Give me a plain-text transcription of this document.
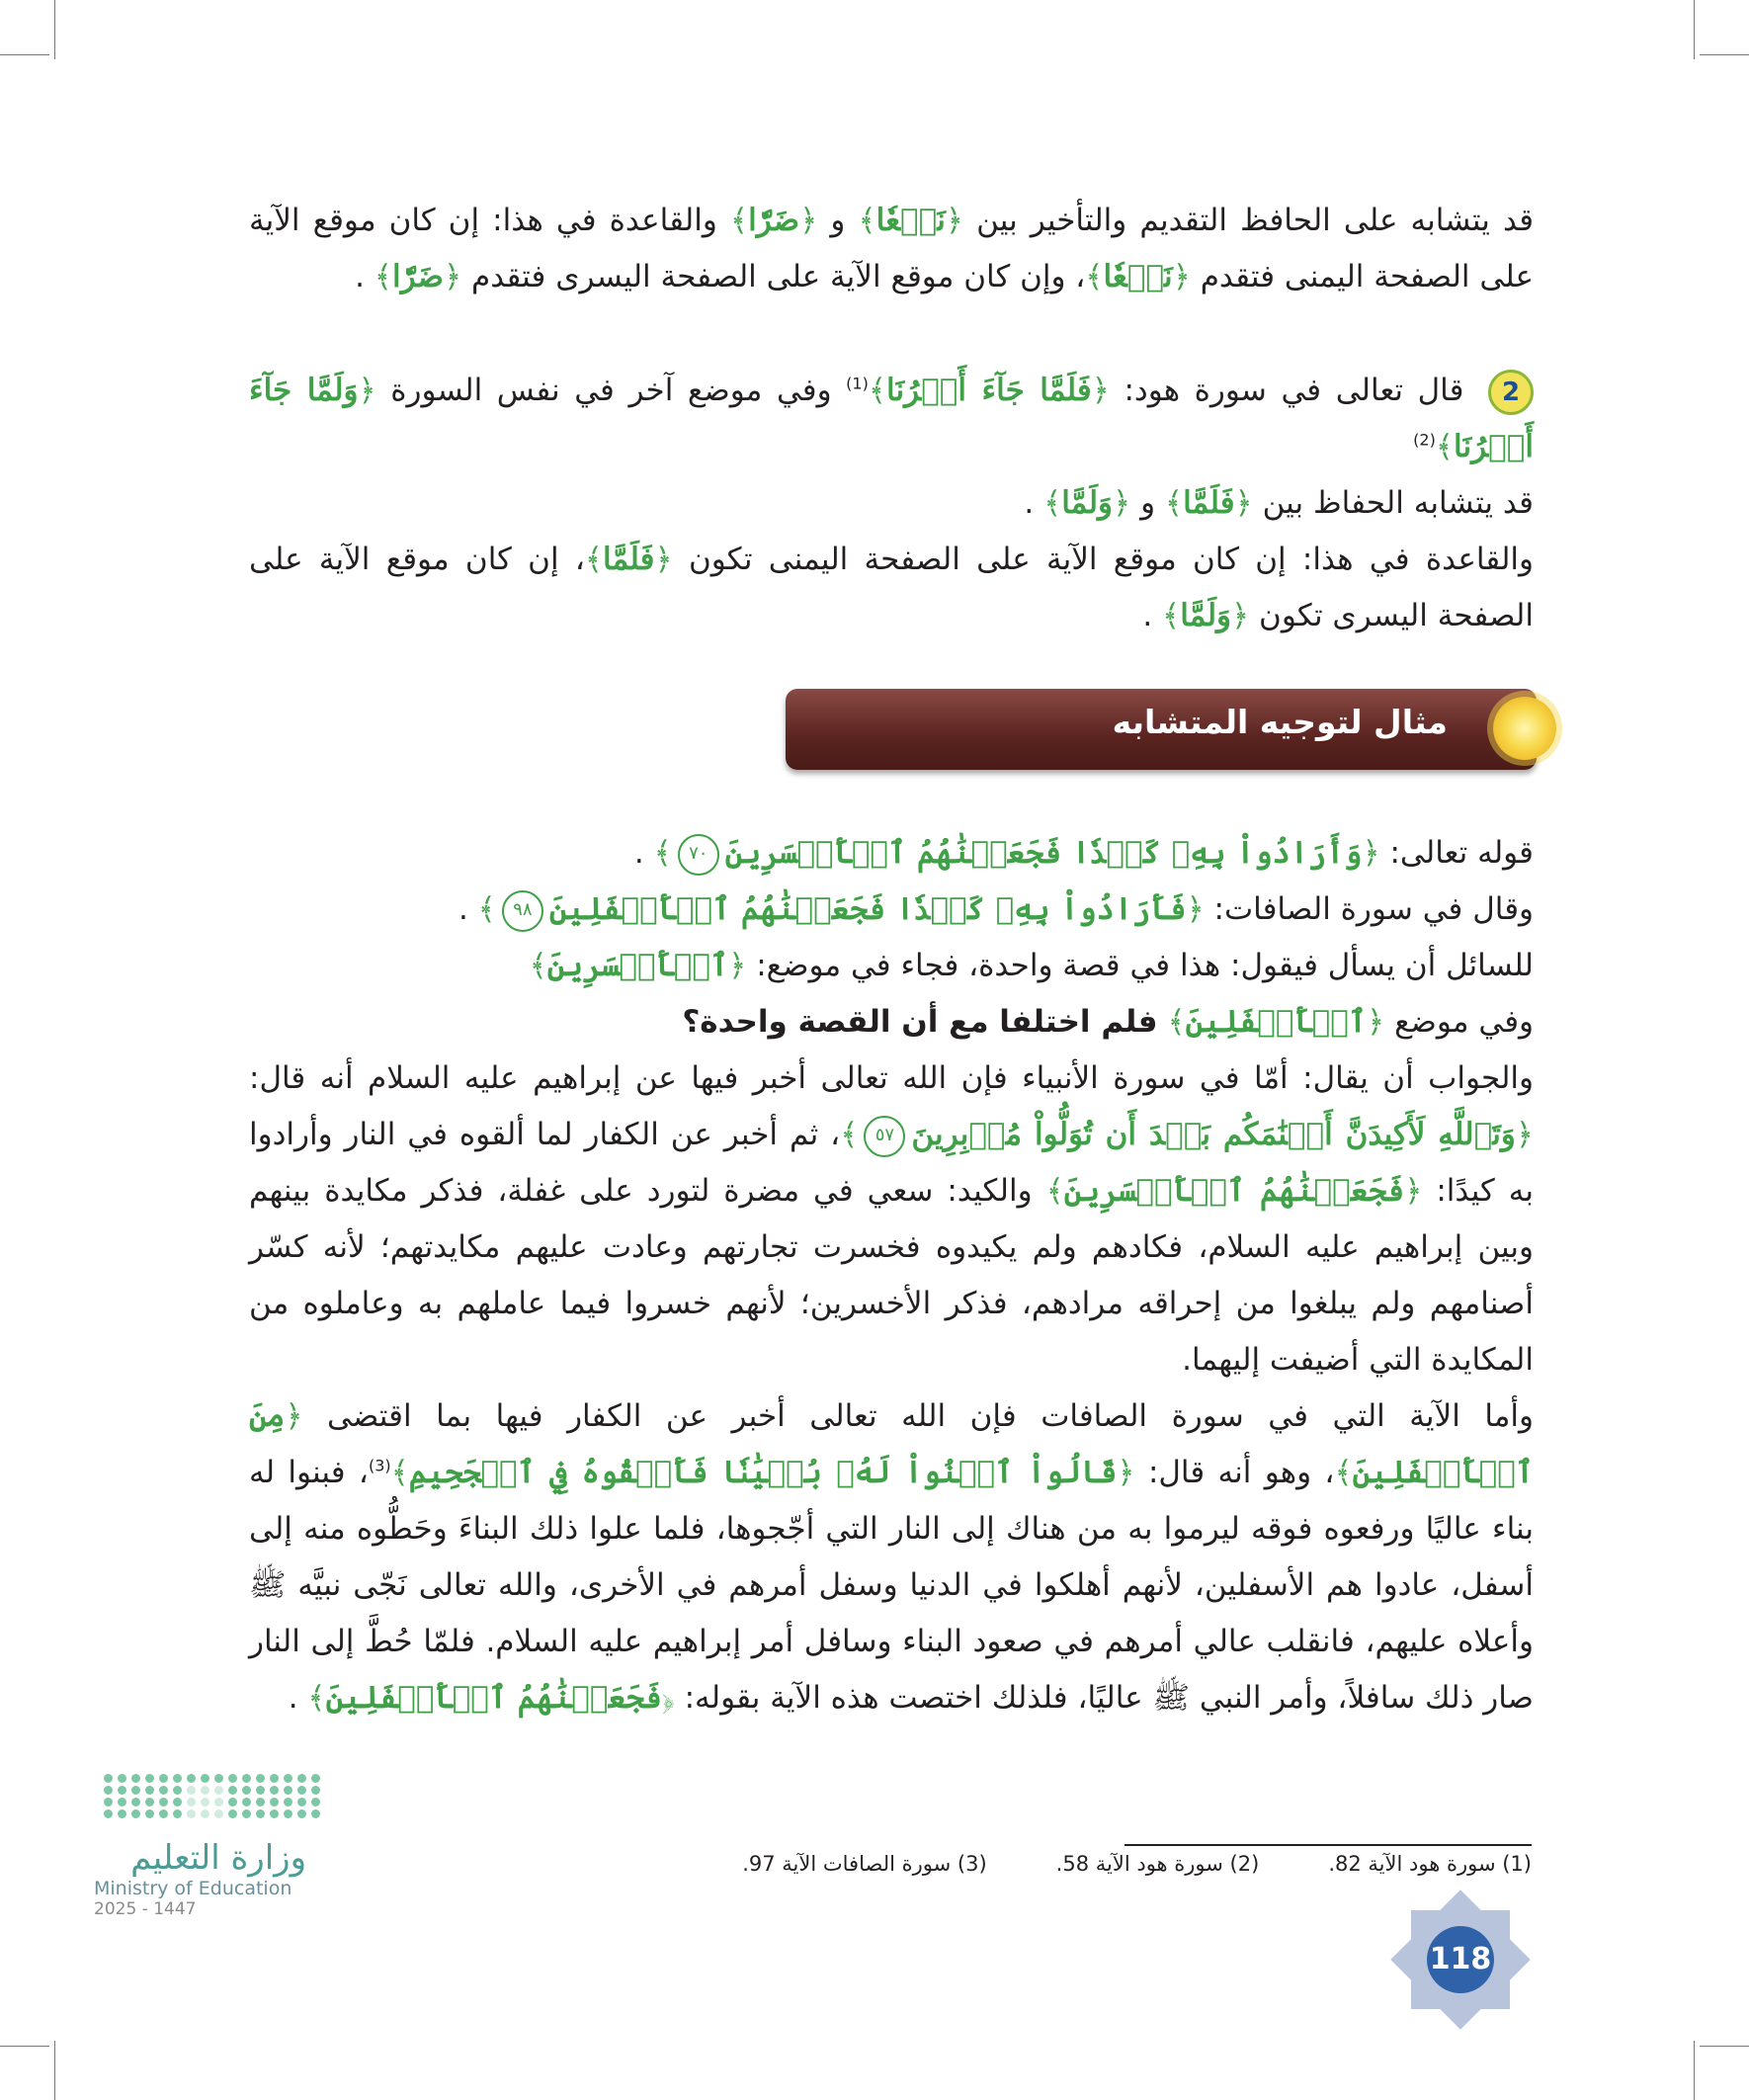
قد يتشابه على الحافظ التقديم والتأخير بين ﴿نَفۡعٗا﴾ و ﴿ضَرّٗا﴾ والقاعدة في هذا: إن كان موقع الآية على الصفحة اليمنى فتقدم ﴿نَفۡعٗا﴾، وإن كان موقع الآية على الصفحة اليسرى فتقدم ﴿ضَرّٗا﴾ .

2 قال تعالى في سورة هود: ﴿فَلَمَّا جَآءَ أَمۡرُنَا﴾$^{(1)}$ وفي موضع آخر في نفس السورة ﴿وَلَمَّا جَآءَ أَمۡرُنَا﴾$^{(2)}$
قد يتشابه الحفاظ بين ﴿فَلَمَّا﴾ و ﴿وَلَمَّا﴾ .
والقاعدة في هذا: إن كان موقع الآية على الصفحة اليمنى تكون ﴿فَلَمَّا﴾، إن كان موقع الآية على الصفحة اليسرى تكون ﴿وَلَمَّا﴾ .

مثال لتوجيه المتشابه

قوله تعالى: ﴿وَأَرَادُواْ بِهِۦ كَيۡدٗا فَجَعَلۡنَٰهُمُ ٱلۡأَخۡسَرِينَ٧٠﴾ .

وقال في سورة الصافات: ﴿فَأَرَادُواْ بِهِۦ كَيۡدٗا فَجَعَلۡنَٰهُمُ ٱلۡأَسۡفَلِينَ٩٨﴾ .

للسائل أن يسأل فيقول: هذا في قصة واحدة، فجاء في موضع: ﴿ٱلۡأَخۡسَرِينَ﴾

وفي موضع ﴿ٱلۡأَسۡفَلِينَ﴾ فلم اختلفا مع أن القصة واحدة؟

والجواب أن يقال: أمّا في سورة الأنبياء فإن الله تعالى أخبر فيها عن إبراهيم عليه السلام أنه قال: ﴿وَتَٱللَّهِ لَأَكِيدَنَّ أَصۡنَٰمَكُم بَعۡدَ أَن تُوَلُّواْ مُدۡبِرِينَ٥٧﴾، ثم أخبر عن الكفار لما ألقوه في النار وأرادوا به كيدًا: ﴿فَجَعَلۡنَٰهُمُ ٱلۡأَخۡسَرِينَ﴾ والكيد: سعي في مضرة لتورد على غفلة، فذكر مكايدة بينهم وبين إبراهيم عليه السلام، فكادهم ولم يكيدوه فخسرت تجارتهم وعادت عليهم مكايدتهم؛ لأنه كسّر أصنامهم ولم يبلغوا من إحراقه مرادهم، فذكر الأخسرين؛ لأنهم خسروا فيما عاملهم به وعاملوه من المكايدة التي أضيفت إليهما.

وأما الآية التي في سورة الصافات فإن الله تعالى أخبر عن الكفار فيها بما اقتضى ﴿مِنَ ٱلۡأَسۡفَلِينَ﴾، وهو أنه قال: ﴿قَالُواْ ٱبۡنُواْ لَهُۥ بُنۡيَٰنٗا فَأَلۡقُوهُ فِي ٱلۡجَحِيمِ﴾$^{(3)}$، فبنوا له بناء عاليًا ورفعوه فوقه ليرموا به من هناك إلى النار التي أجّجوها، فلما علوا ذلك البناءَ وحَطُّوه منه إلى أسفل، عادوا هم الأسفلين، لأنهم أهلكوا في الدنيا وسفل أمرهم في الأخرى، والله تعالى نَجّى نبيَّه ﷺ وأعلاه عليهم، فانقلب عالي أمرهم في صعود البناء وسافل أمر إبراهيم عليه السلام. فلمّا حُطَّ إلى النار صار ذلك سافلاً، وأمر النبي ﷺ عاليًا، فلذلك اختصت هذه الآية بقوله: ﴿فَجَعَلۡنَٰهُمُ ٱلۡأَسۡفَلِينَ﴾ .

(1) سورة هود الآية 82.
(2) سورة هود الآية 58.
(3) سورة الصافات الآية 97.
118
وزارة التعليم
Ministry of Education
2025 - 1447
